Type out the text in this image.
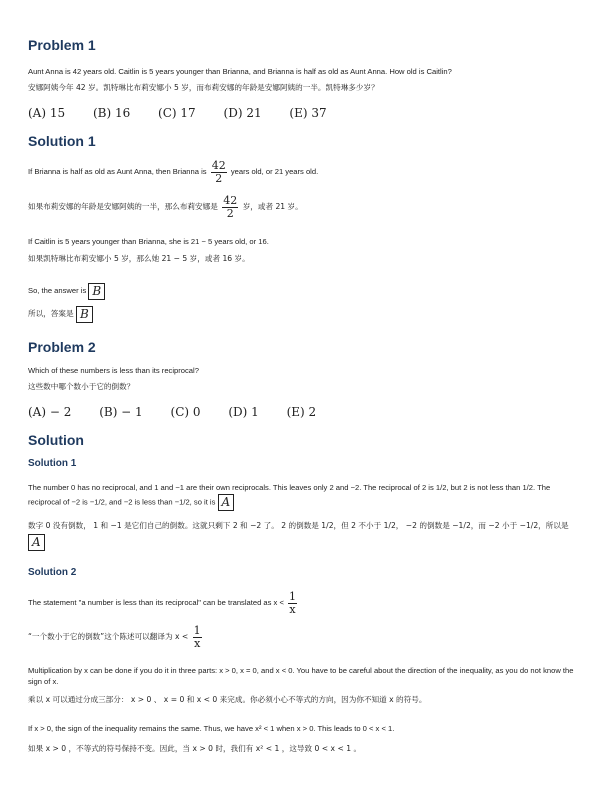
Problem 1
Aunt Anna is 42 years old. Caitlin is 5 years younger than Brianna, and Brianna is half as old as Aunt Anna. How old is Caitlin?
安娜阿姨今年 42 岁。凯特琳比布莉安娜小 5 岁，而布莉安娜的年龄是安娜阿姨的一半。凯特琳多少岁？
(A) 15 (B) 16 (C) 17 (D) 21 (E) 37
Solution 1
If Brianna is half as old as Aunt Anna, then Brianna is $\frac{42}{2}$ years old, or 21 years old.
如果布莉安娜的年龄是安娜阿姨的一半，那么布莉安娜是 $\frac{42}{2}$ 岁，或者 21 岁。
If Caitlin is 5 years younger than Brianna, she is 21 − 5 years old, or 16.
如果凯特琳比布莉安娜小 5 岁，那么她 21 − 5 岁，或者 16 岁。
So, the answer is B
所以，答案是 B
Problem 2
Which of these numbers is less than its reciprocal?
这些数中哪个数小于它的倒数？
(A) − 2 (B) − 1 (C) 0 (D) 1 (E) 2
Solution
Solution 1
The number 0 has no reciprocal, and 1 and −1 are their own reciprocals. This leaves only 2 and −2. The reciprocal of 2 is 1/2, but 2 is not less than 1/2. The reciprocal of −2 is −1/2, and −2 is less than −1/2, so it is A
数字 0 没有倒数， 1 和 −1 是它们自己的倒数。这就只剩下 2 和 −2 了。 2 的倒数是 1/2，但 2 不小于 1/2， −2 的倒数是 −1/2，而 −2 小于 −1/2，所以是 A
Solution 2
The statement "a number is less than its reciprocal" can be translated as $x < \frac{1}{x}$
“一个数小于它的倒数”这个陈述可以翻译为 $x < \frac{1}{x}$
Multiplication by x can be done if you do it in three parts: x > 0, x = 0, and x < 0. You have to be careful about the direction of the inequality, as you do not know the sign of x.
乘以 x 可以通过分成三部分： x > 0 、 x = 0 和 x < 0 来完成。你必须小心不等式的方向，因为你不知道 x 的符号。
If x > 0, the sign of the inequality remains the same. Thus, we have x² < 1 when x > 0. This leads to 0 < x < 1.
如果 x > 0 ，不等式的符号保持不变。因此，当 x > 0 时，我们有 x² < 1 ，这导致 0 < x < 1 。
